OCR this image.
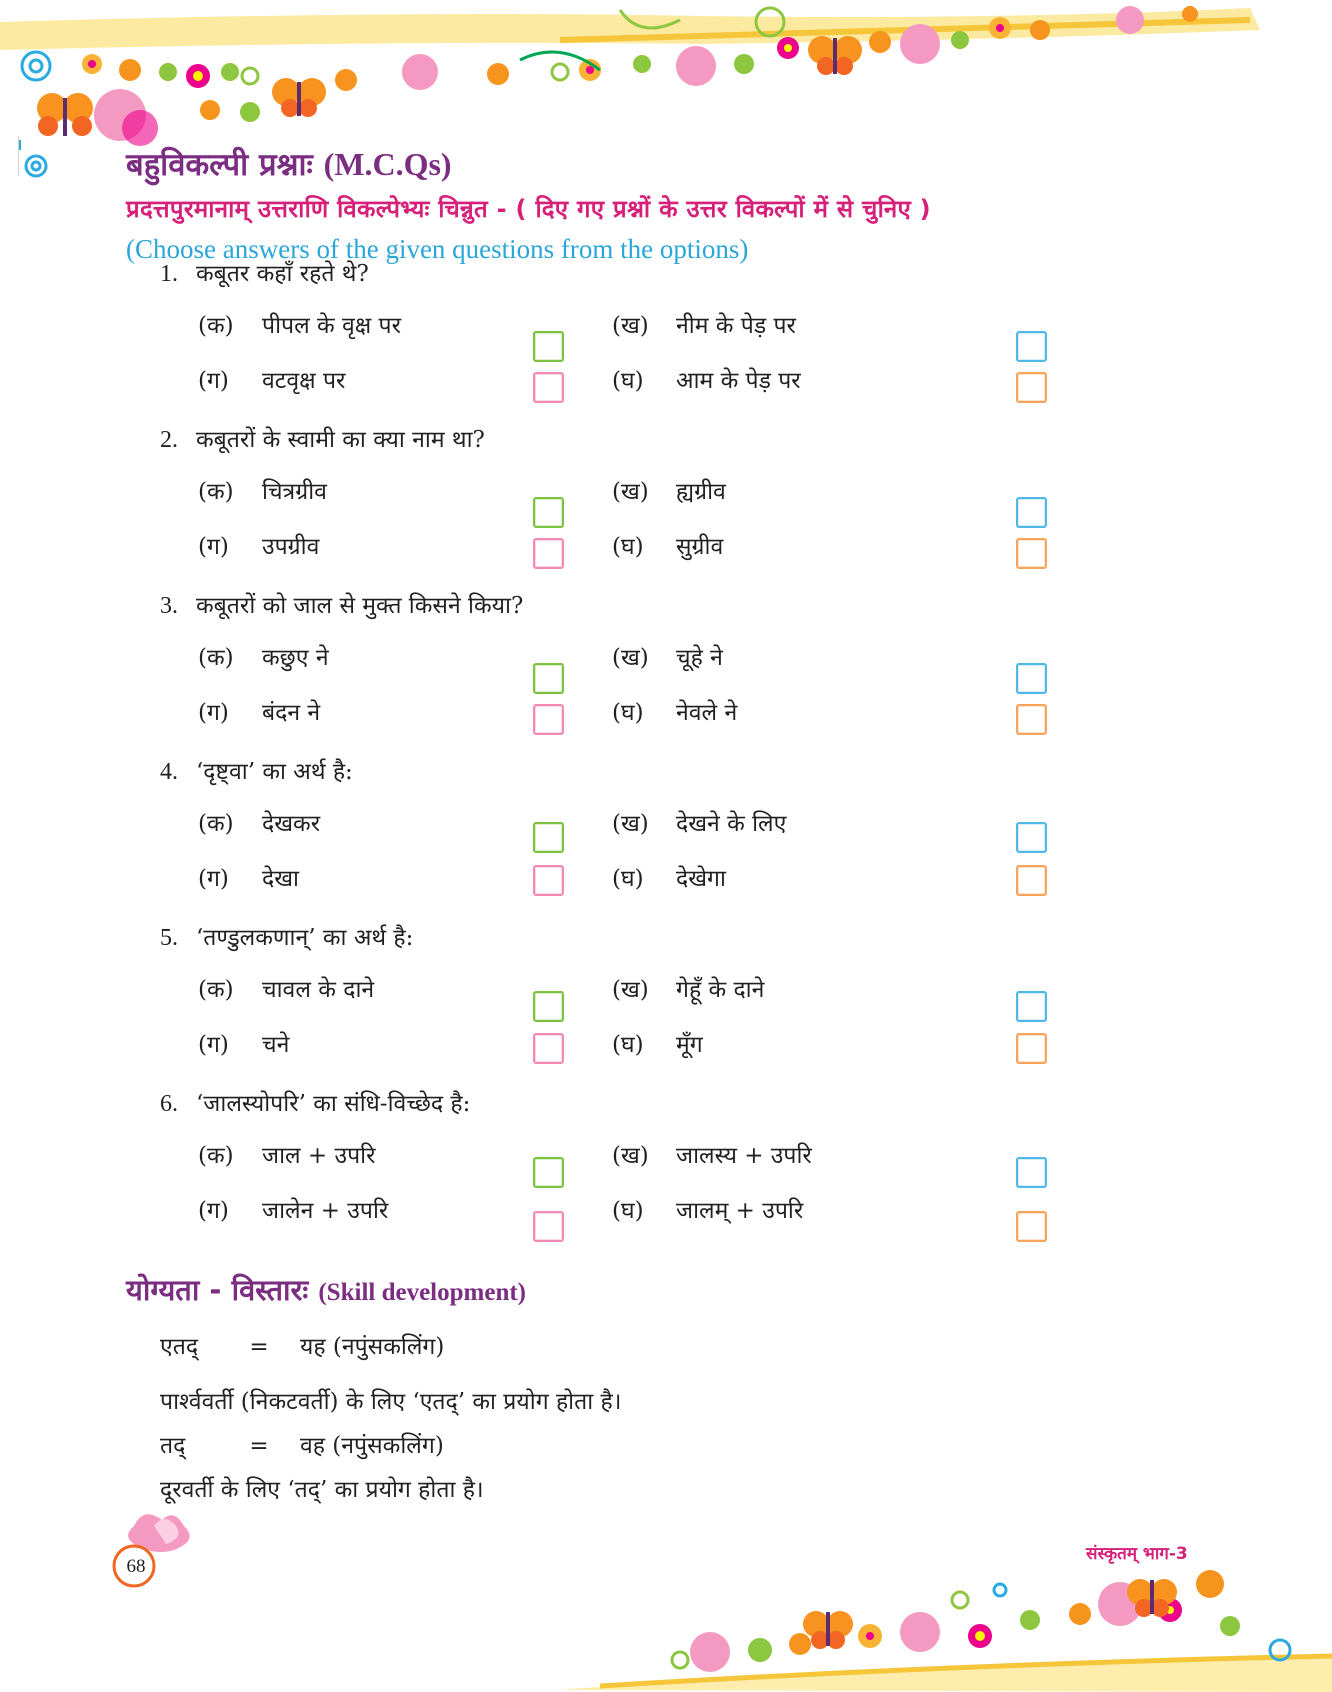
बहुविकल्पी प्रश्नाः (M.C.Qs)
प्रदत्तपुरमानाम् उत्तराणि विकल्पेभ्यः चिन्नुत - ( दिए गए प्रश्नों के उत्तर विकल्पों में से चुनिए )
(Choose answers of the given questions from the options)
1. कबूतर कहाँ रहते थे?
(क) पीपल के वृक्ष पर	(ख) नीम के पेड़ पर
(ग) वटवृक्ष पर	(घ) आम के पेड़ पर
2. कबूतरों के स्वामी का क्या नाम था?
(क) चित्रग्रीव	(ख) ह्यग्रीव
(ग) उपग्रीव	(घ) सुग्रीव
3. कबूतरों को जाल से मुक्त किसने किया?
(क) कछुए ने	(ख) चूहे ने
(ग) बंदन ने	(घ) नेवले ने
4. ‘दृष्ट्वा’ का अर्थ है:
(क) देखकर	(ख) देखने के लिए
(ग) देखा	(घ) देखेगा
5. ‘तण्डुलकणान्’ का अर्थ है:
(क) चावल के दाने	(ख) गेहूँ के दाने
(ग) चने	(घ) मूँग
6. ‘जालस्योपरि’ का संधि-विच्छेद है:
(क) जाल + उपरि	(ख) जालस्य + उपरि
(ग) जालेन + उपरि	(घ) जालम् + उपरि
योग्यता - विस्तारः (Skill development)
एतद् = यह (नपुंसकलिंग)
पार्श्ववर्ती (निकटवर्ती) के लिए ‘एतद्’ का प्रयोग होता है।
तद्	= वह (नपुंसकलिंग)
दूरवर्ती के लिए ‘तद्’ का प्रयोग होता है।
68
संस्कृतम् भाग-3
